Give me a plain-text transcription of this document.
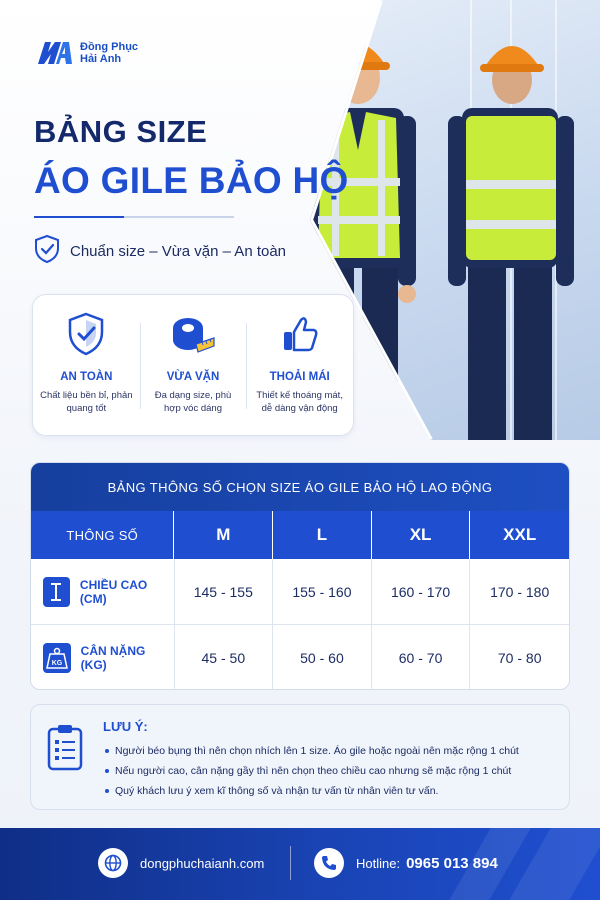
Đồng Phục
Hải Anh
BẢNG SIZE
ÁO GILE BẢO HỘ
Chuẩn size – Vừa vặn – An toàn
AN TOÀN
Chất liệu bền bỉ, phản quang tốt
VỪA VẶN
Đa dạng size, phù hợp vóc dáng
THOẢI MÁI
Thiết kế thoáng mát, dễ dàng vận động
BẢNG THÔNG SỐ CHỌN SIZE ÁO GILE BẢO HỘ LAO ĐỘNG
THÔNG SỐ	M	L	XL	XXL
CHIỀU CAO (CM)	145 - 155	155 - 160	160 - 170	170 - 180
KG
CÂN NẶNG (KG)	45 - 50	50 - 60	60 - 70	70 - 80
LƯU Ý:
Người béo bụng thì nên chọn nhích lên 1 size. Áo gile hoặc ngoài nên mặc rộng 1 chút
Nếu người cao, cân nặng gầy thì nên chọn theo chiều cao nhưng sẽ mặc rộng 1 chút
Quý khách lưu ý xem kĩ thông số và nhận tư vấn từ nhân viên tư vấn.
dongphuchaianh.com	Hotline: 0965 013 894
